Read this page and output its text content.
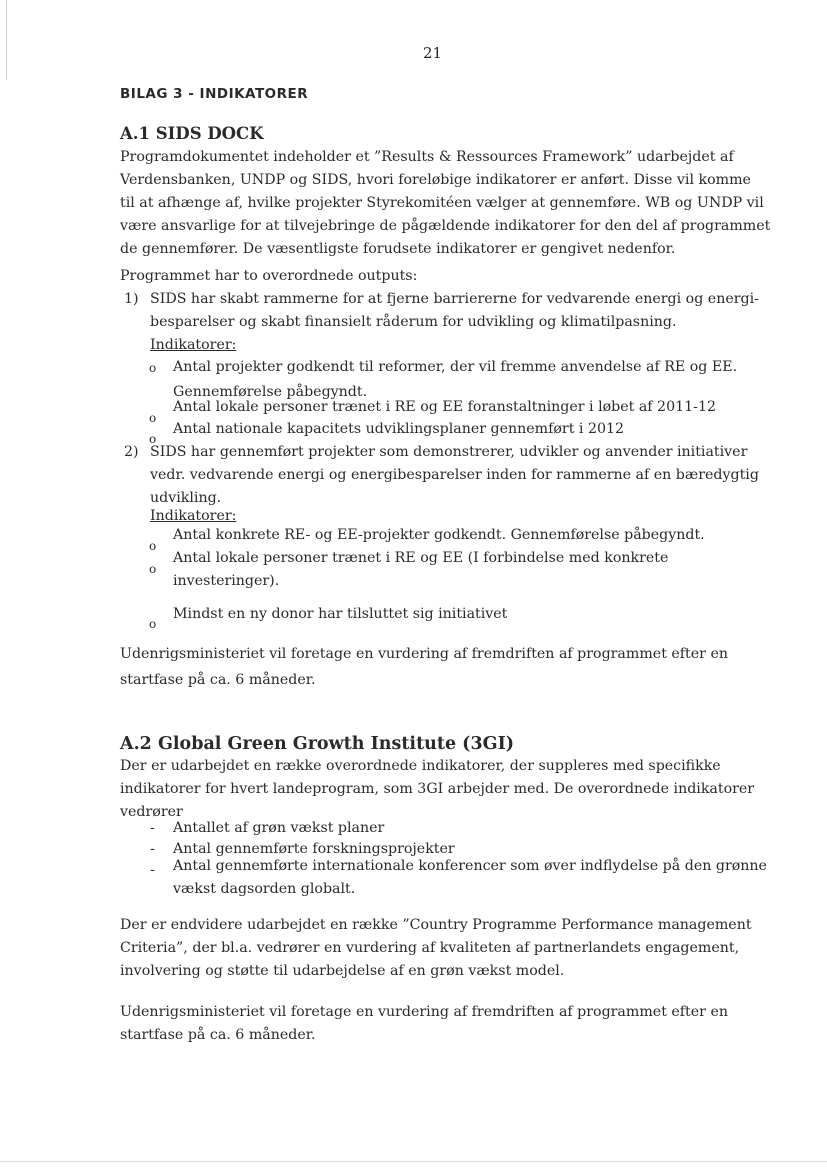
21
BILAG 3 - INDIKATORER
A.1 SIDS DOCK
Programdokumentet indeholder et ”Results & Ressources Framework” udarbejdet af
Verdensbanken, UNDP og SIDS, hvori foreløbige indikatorer er anført. Disse vil komme
til at afhænge af, hvilke projekter Styrekomitéen vælger at gennemføre. WB og UNDP vil
være ansvarlige for at tilvejebringe de pågældende indikatorer for den del af programmet
de gennemfører. De væsentligste forudsete indikatorer er gengivet nedenfor.
Programmet har to overordnede outputs:
1) SIDS har skabt rammerne for at fjerne barriererne for vedvarende energi og energi-
besparelser og skabt finansielt råderum for udvikling og klimatilpasning.
Indikatorer:
o Antal projekter godkendt til reformer, der vil fremme anvendelse af RE og EE.
Gennemførelse påbegyndt.
o
Antal lokale personer trænet i RE og EE foranstaltninger i løbet af 2011-12
o
Antal nationale kapacitets udviklingsplaner gennemført i 2012
2) SIDS har gennemført projekter som demonstrerer, udvikler og anvender initiativer
vedr. vedvarende energi og energibesparelser inden for rammerne af en bæredygtig
udvikling.
Indikatorer:
o
Antal konkrete RE- og EE-projekter godkendt. Gennemførelse påbegyndt.
o
Antal lokale personer trænet i RE og EE (I forbindelse med konkrete
investeringer).
o
Mindst en ny donor har tilsluttet sig initiativet
Udenrigsministeriet vil foretage en vurdering af fremdriften af programmet efter en
startfase på ca. 6 måneder.
A.2 Global Green Growth Institute (3GI)
Der er udarbejdet en række overordnede indikatorer, der suppleres med specifikke
indikatorer for hvert landeprogram, som 3GI arbejder med. De overordnede indikatorer
vedrører
- Antallet af grøn vækst planer
- Antal gennemførte forskningsprojekter
- Antal gennemførte internationale konferencer som øver indflydelse på den grønne
vækst dagsorden globalt.
Der er endvidere udarbejdet en række ”Country Programme Performance management
Criteria”, der bl.a. vedrører en vurdering af kvaliteten af partnerlandets engagement,
involvering og støtte til udarbejdelse af en grøn vækst model.
Udenrigsministeriet vil foretage en vurdering af fremdriften af programmet efter en
startfase på ca. 6 måneder.
